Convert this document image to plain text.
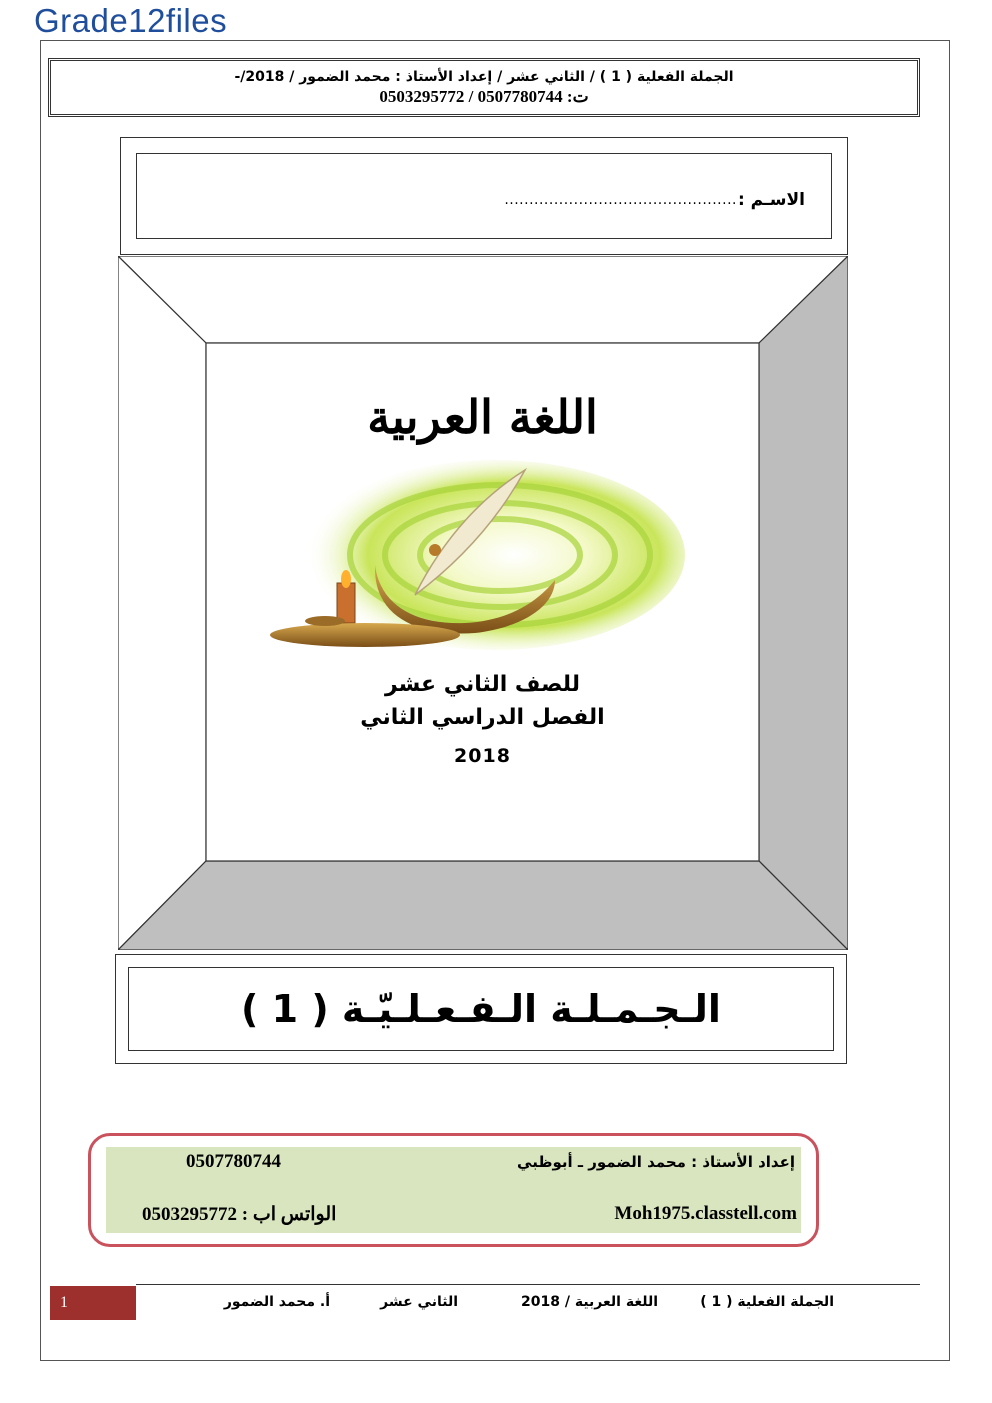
Grade12files
الجملة الفعلية ( 1 ) / الثاني عشر / إعداد الأستاذ : محمد الضمور / 2018/-
ت: 0507780744 / 0503295772
الاسـم :
...............................................
اللغة العربية
للصف الثاني عشر
الفصل الدراسي الثاني
2018
الـجـمـلـة الـفـعـلـيّـة ( 1 )
إعداد الأستاذ : محمد الضمور ـ أبوظبي
0507780744
Moh1975.classtell.com
الواتس اب : 0503295772
1	الجملة الفعلية ( 1 )
اللغة العربية / 2018
الثاني عشر
أ. محمد الضمور
